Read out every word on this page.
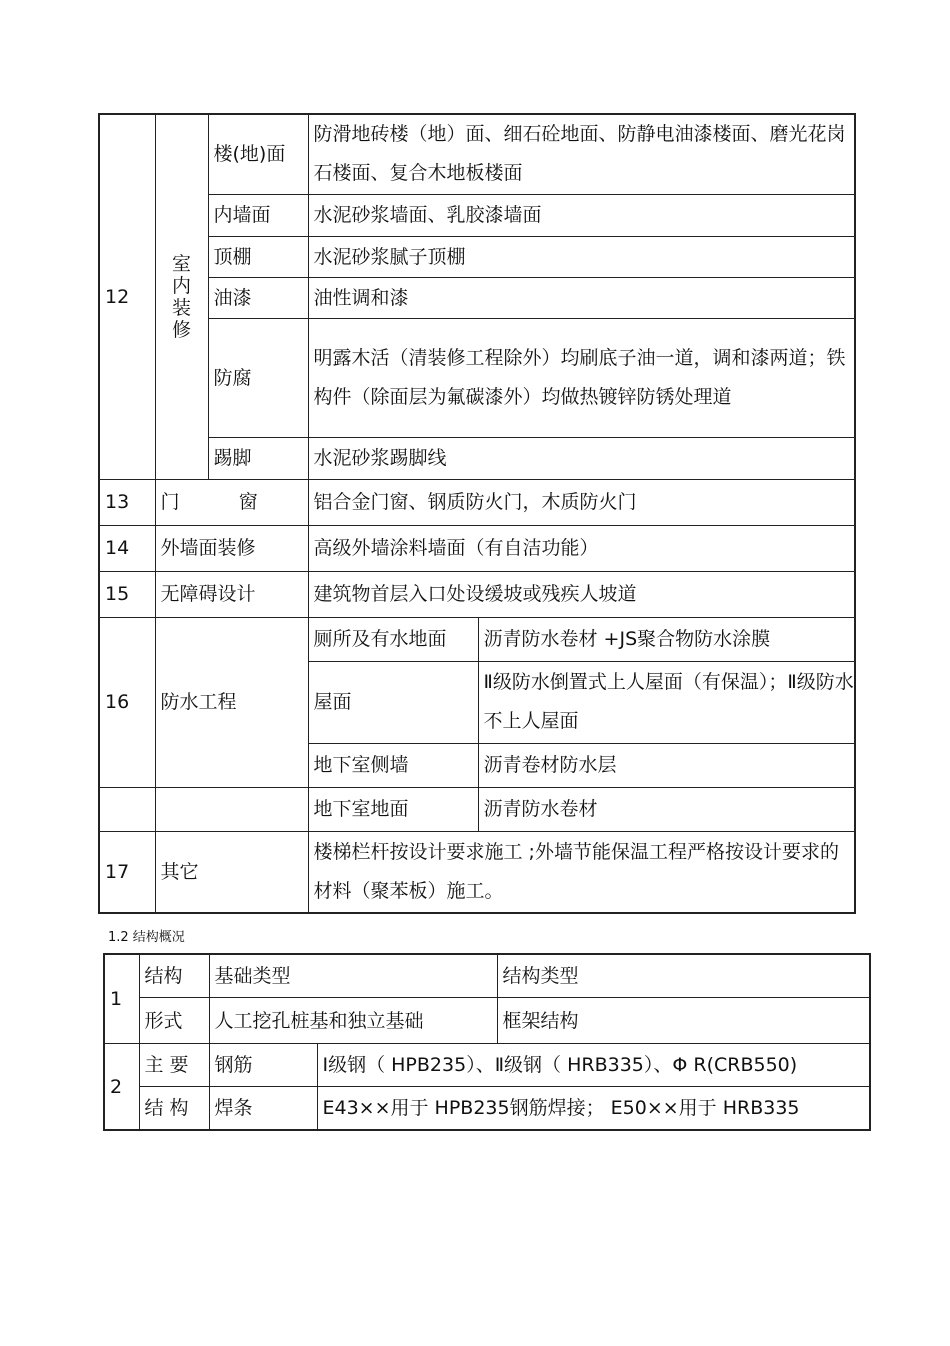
12	室内装修	楼(地)面	防滑地砖楼（地）面、细石砼地面、防静电油漆楼面、磨光花岗石楼面、复合木地板楼面	
		内墙面	水泥砂浆墙面、乳胶漆墙面	
		顶棚	水泥砂浆腻子顶棚	
		油漆	油性调和漆	
		防腐	明露木活（清装修工程除外）均刷底子油一道，调和漆两道；铁构件（除面层为氟碳漆外）均做热镀锌防锈处理道	
		踢脚	水泥砂浆踢脚线	
13	门 窗		铝合金门窗、钢质防火门，木质防火门	
14	外墙面装修		高级外墙涂料墙面（有自洁功能）	
15	无障碍设计		建筑物首层入口处设缓坡或残疾人坡道	
16	防水工程		厕所及有水地面	沥青防水卷材 +JS聚合物防水涂膜
			屋面	Ⅱ级防水倒置式上人屋面（有保温）；Ⅱ级防水不上人屋面
			地下室侧墙	沥青卷材防水层
			地下室地面	沥青防水卷材
17	其它		楼梯栏杆按设计要求施工 ;外墙节能保温工程严格按设计要求的材料（聚苯板）施工。	
1.2 结构概况
1	结构	基础类型		结构类型
	形式	人工挖孔桩基和独立基础		框架结构
2	主 要	钢筋	Ⅰ级钢（ HPB235）、Ⅱ级钢（ HRB335）、Φ R(CRB550)	
	结 构	焊条	E43××用于 HPB235钢筋焊接； E50××用于 HRB335	
